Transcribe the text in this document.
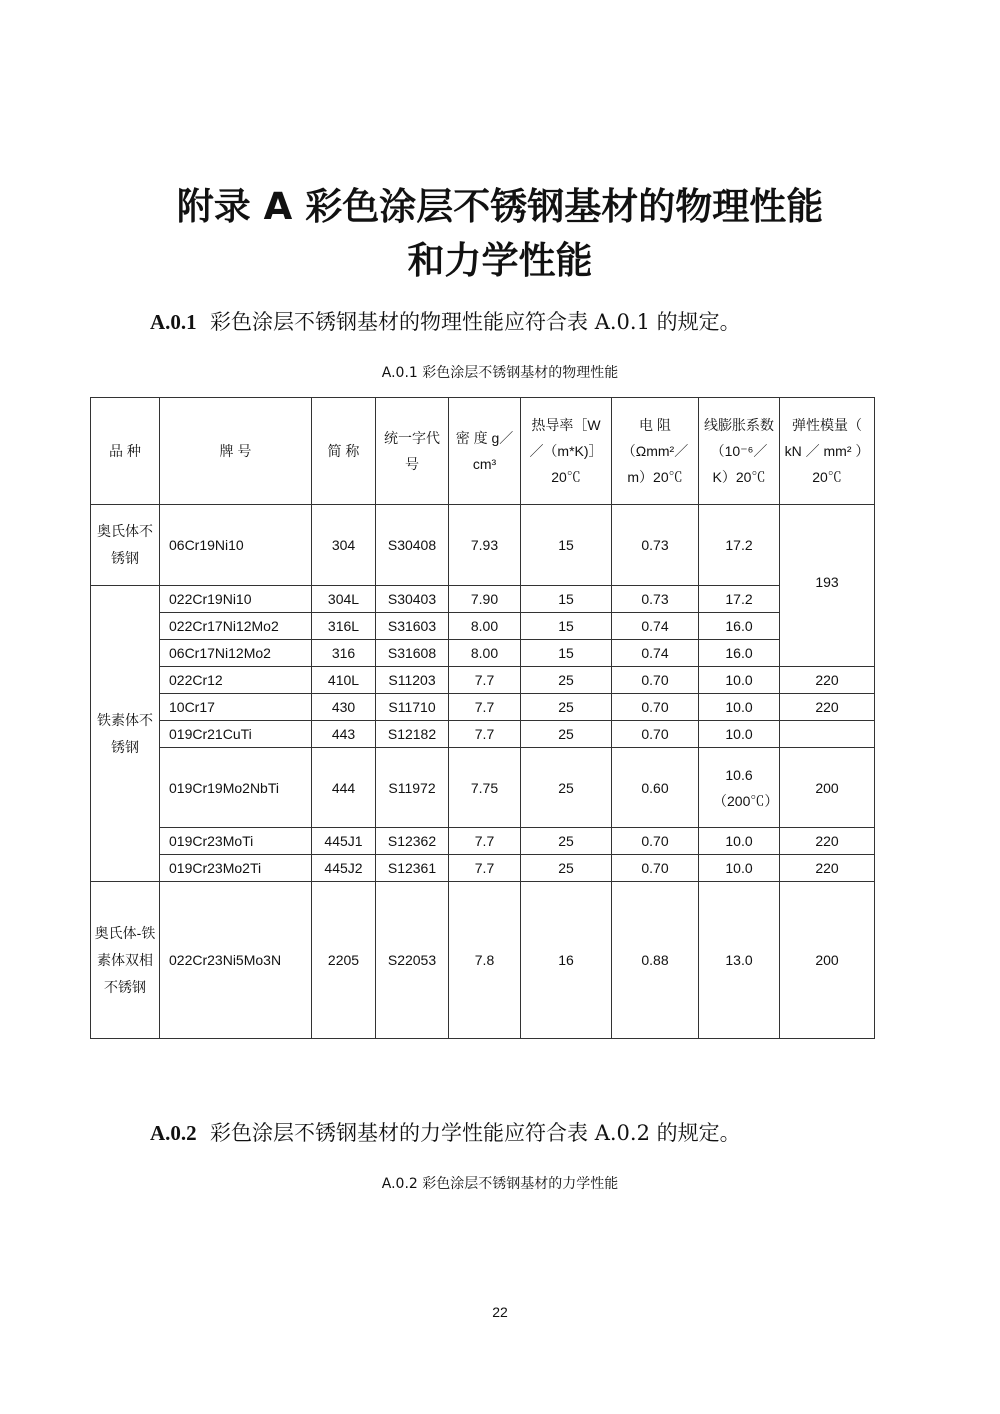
附录 A 彩色涂层不锈钢基材的物理性能
和力学性能
A.0.1 彩色涂层不锈钢基材的物理性能应符合表 A.0.1 的规定。
A.0.1 彩色涂层不锈钢基材的物理性能
品 种	牌 号	简 称	统一字代号	密 度 g／cm³	热导率［W／（m*K)］20℃	电 阻（Ωmm²／m）20℃	线膨胀系数（10⁻⁶／K）20℃	弹性模量（ kN ／ mm² ）20℃
奥氏体不锈钢	06Cr19Ni10	304	S30408	7.93	15	0.73	17.2	193
铁素体不锈钢	022Cr19Ni10	304L	S30403	7.90	15	0.73	17.2	
	022Cr17Ni12Mo2	316L	S31603	8.00	15	0.74	16.0	
	06Cr17Ni12Mo2	316	S31608	8.00	15	0.74	16.0	
	022Cr12	410L	S11203	7.7	25	0.70	10.0	220
	10Cr17	430	S11710	7.7	25	0.70	10.0	220
	019Cr21CuTi	443	S12182	7.7	25	0.70	10.0	
	019Cr19Mo2NbTi	444	S11972	7.75	25	0.60	10.6（200℃）	200
	019Cr23MoTi	445J1	S12362	7.7	25	0.70	10.0	220
	019Cr23Mo2Ti	445J2	S12361	7.7	25	0.70	10.0	220
奥氏体-铁素体双相不锈钢	022Cr23Ni5Mo3N	2205	S22053	7.8	16	0.88	13.0	200
A.0.2 彩色涂层不锈钢基材的力学性能应符合表 A.0.2 的规定。
A.0.2 彩色涂层不锈钢基材的力学性能
22
